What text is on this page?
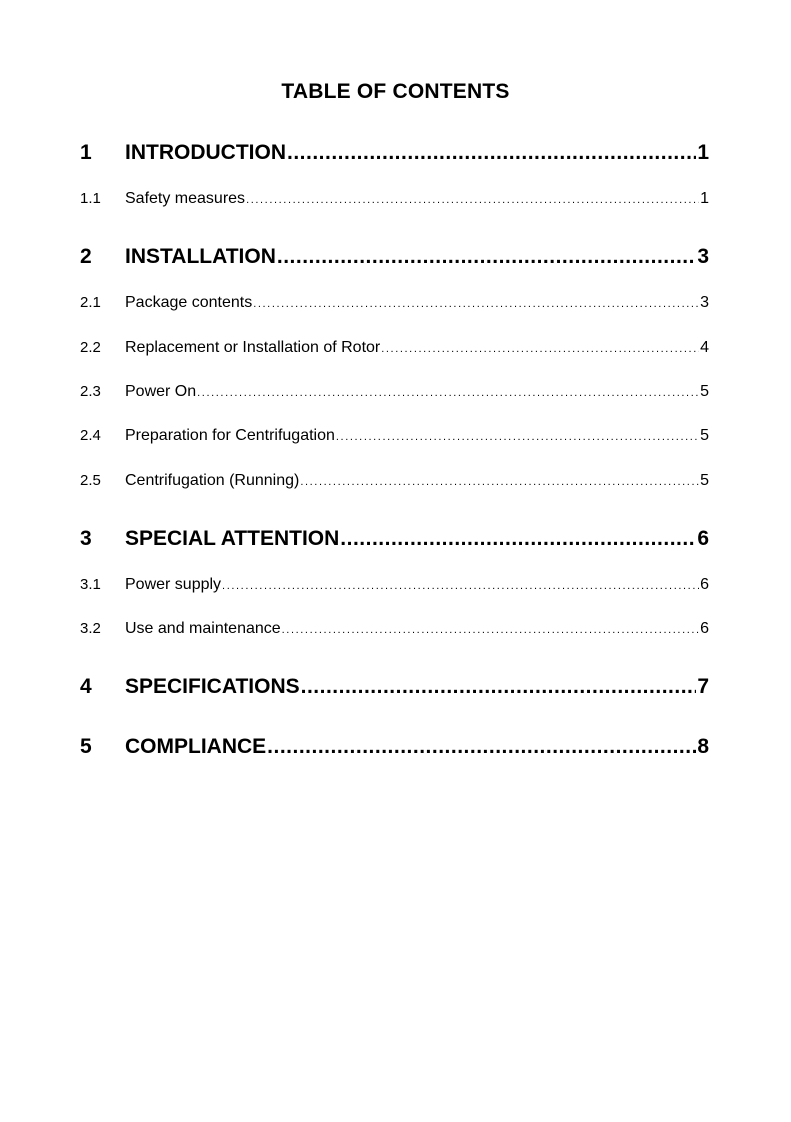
TABLE OF CONTENTS
1	INTRODUCTION .....	1
1.1	Safety measures .....	1
2	INSTALLATION .....	3
2.1	Package contents .....	3
2.2	Replacement or Installation of Rotor .....	4
2.3	Power On .....	5
2.4	Preparation for Centrifugation .....	5
2.5	Centrifugation (Running) .....	5
3	SPECIAL ATTENTION .....	6
3.1	Power supply .....	6
3.2	Use and maintenance .....	6
4	SPECIFICATIONS .....	7
5	COMPLIANCE .....	8
